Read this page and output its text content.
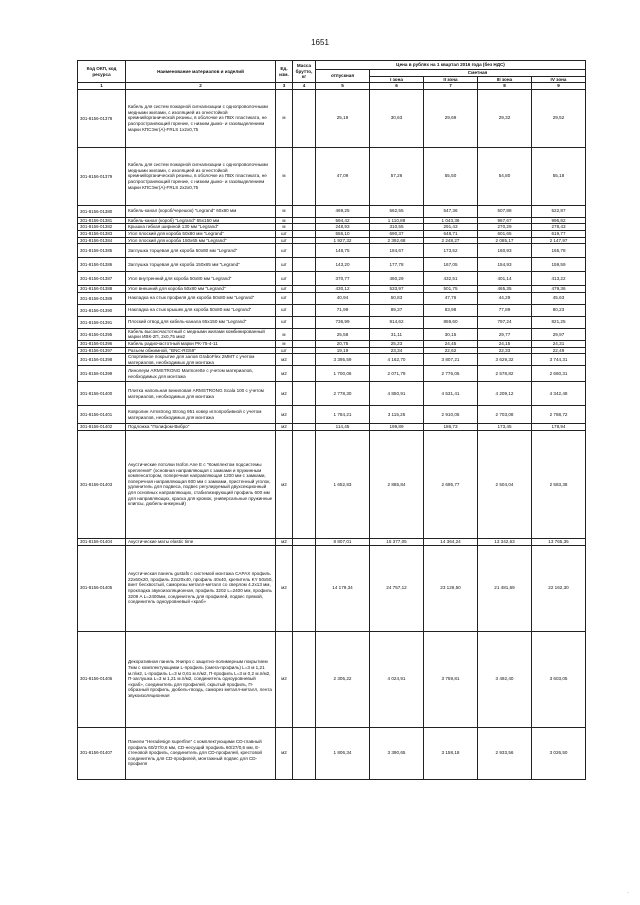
1651
Код ОКП, код ресурса	Наименование материалов и изделий	Ед. изм.	Масса брутто, кг	Цена в рублях на 1 квартал 2016 года (без НДС)				
				отпускная	Сметная			
					I зона	II зона	III зона	IV зона
1	2	3	4	5	6	7	8	9
301-8156-01378	Кабель для систем пожарной сигнализации с однопроволочными медными жилами, с изоляцией из огнестойкой кремнийорганической резины, в оболочке из ПВХ пластиката, не распространяющий горение, с низким дымо- и газовыделением марки КПСЭнг(А)-FRLS 1x2x0,75	м		25,19	30,63	29,69	29,32	29,52
301-8156-01379	Кабель для систем пожарной сигнализации с однопроволочными медными жилами, с изоляцией из огнестойкой кремнийорганической резины, в оболочке из ПВХ пластиката, не распространяющий горение, с низким дымо- и газовыделением марки КПСЭнг(А)-FRLS 2x2x0,75	м		47,09	57,26	55,50	54,80	55,18
301-8156-01380	Кабель-канал (короб/черешок) "Legrand" 60x80 мм	м		469,25	562,55	547,36	507,88	522,87
301-8156-01381	Кабель-канал (короб) "Legrand" 65x150 мм	м		594,42	1 110,88	1 043,36	967,67	996,82
301-8156-01382	Крышка гибкая шириной 130 мм "Legrand"	м		248,93	310,55	291,43	270,29	278,43
301-8156-01383	Угол плоский для короба 50x80 мм "Legrand"	шт		556,10	690,37	648,71	601,65	619,77
301-8156-01384	Угол плоский для короба 150x65 мм "Legrand"	шт		1 927,32	2 392,68	2 248,27	2 085,17	2 147,97
301-8156-01385	Заглушка торцевая для короба 50x80 мм "Legrand"	шт		148,75	184,67	173,52	160,93	165,78
301-8156-01386	Заглушка торцевая для короба 150x65 мм "Legrand"	шт		143,20	177,78	167,05	154,93	159,59
301-8156-01387	Угол внутренний для короба 50x80 мм "Legrand"	шт		370,77	460,29	432,51	401,14	413,22
301-8156-01388	Угол внешний для короба 50x80 мм "Legrand"	шт		430,12	533,97	501,75	465,35	479,36
301-8156-01389	Накладка на стык профиля для короба 50x80 мм "Legrand"	шт		40,94	50,83	47,76	44,29	45,63
301-8156-01390	Накладка на стык крышек для короба 50x80 мм "Legrand"	шт		71,99	89,37	83,98	77,89	80,23
301-8156-01391	Плоский отвод для кабель-канала 65x150 мм "Legrand"	шт		736,99	914,62	859,60	797,24	821,25
301-8156-01395	Кабель высокочастотный с медными жилами комбинированный марки ИВК-2П, 2x0,75 мм2	м		25,58	31,11	30,15	29,77	29,97
301-8156-01396	Кабель радиочастотный марки РК-75-4-11	м		20,75	25,23	24,45	24,15	24,31
301-8156-01397	Разъем обжимной, "BNC-RG59"	шт		19,19	23,34	22,62	22,33	22,49
301-8156-01398	Спортивное покрытие для залов GraboFlex 2MMT с учетом материалов, необходимых для монтажа	м2		3 395,59	4 162,70	3 807,21	3 629,32	3 744,31
301-8156-01399	Линолеум ARMSTRONG Marmorette с учетом материалов, необходимых для монтажа	м2		1 700,06	2 071,79	2 776,05	2 578,82	2 660,31
301-8156-01400	Плитка напольная виниловая ARMSTRONG Scala 100 с учетом материалов, необходимых для монтажа	м2		2 778,30	4 850,91	4 531,41	4 209,12	4 342,48
301-8156-01401	Ковролин Armstrong Strong 951 ковер иглопробивной с учетом материалов, необходимых для монтажа	м2		1 784,21	3 115,25	2 910,05	2 703,08	2 788,72
301-8156-01402	Подложка "Полифом-Вибро"	м2		114,45	199,89	186,73	173,45	178,94
301-8156-01403	Акустические потолки Isofon Ane E с "Комплектом подсистемы крепления" (основная направляющая с замками и пружинным компенсатором, поперечная направляющая 1200 мм с замками, поперечная направляющая 600 мм с замками, пристенный уголок, удлинитель для подвеса, подвес регулируемый двухсекционный для основных направляющих, стабилизирующий профиль 600 мм для направляющих, краска для кромок, универсальные пружинные клипсы, дюбель-анкерный)	м2		1 652,83	2 885,84	2 695,77	2 504,04	2 583,38
301-8156-01404	Акустические маты elastic time	м2		8 807,01	15 377,05	14 364,24	13 342,63	13 765,35
301-8156-01405	Акустическая панель gustafs с системой монтажа СAPAX профиль 22x60x20, профиль 22x20x40, профиль 40x40, крепитель KY 50x50, винт бесхвостый, саморезы металл-металл со сверлом 4.2x13 мм, прокладка звукоизоляционная, профиль 3202 L=2400 мм, профиль 3209 A L=2400мм, соединитель для профилей, подвес прямой, соединитель одноуровневый «краб»	м2		14 179,34	24 757,12	23 126,50	21 481,69	22 162,30
301-8156-01406	Декоративная панель Унипро с защитно-полимерным покрытием 7мм с комплектующими L-профиль (омега-профиль) L=3 м 1,21 м.п/м2, L-профиль L=3 м 0,61 м.п/м2, П-профиль L=3 м 0,2 м.п/м2, П-заглушка L=3 м 1,21 м.п/м2, соединитель одноуровневый «краб», соединитель для профилей, скрытый профиль, П-образный профиль, дюбель-гвоздь, саморез металл-металл, лента звукоизоляционная	м2		2 305,22	4 024,91	3 759,81	3 492,40	3 603,05
301-8156-01407	Панели "Heradesign superfine" с комплектующими CD-главный профиль 60/27/0,6 мм, CD-несущий профиль 60/27/0,6 мм, Е-стеновой профиль, соединитель для CD-профилей, крестовой соединитель для CD-профилей, монтажный подвес для CD-профиля	м2		1 806,34	3 390,65	3 158,18	2 933,56	3 026,50
·
